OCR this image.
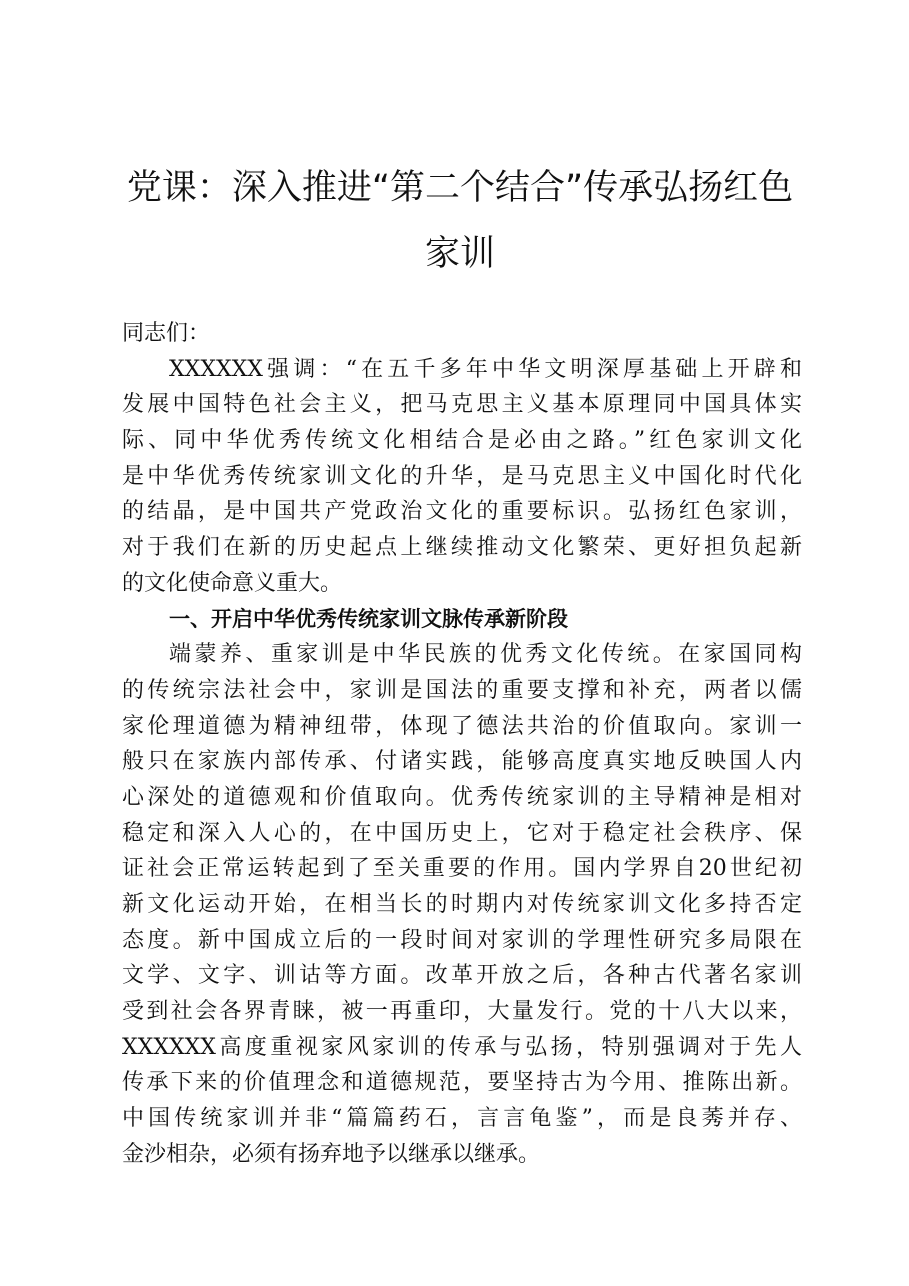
党课：深入推进“第二个结合”传承弘扬红色
家训
同志们：
XXXXXX强调：“在五千多年中华文明深厚基础上开辟和
发展中国特色社会主义，把马克思主义基本原理同中国具体实
际、同中华优秀传统文化相结合是必由之路。”红色家训文化
是中华优秀传统家训文化的升华，是马克思主义中国化时代化
的结晶，是中国共产党政治文化的重要标识。弘扬红色家训，
对于我们在新的历史起点上继续推动文化繁荣、更好担负起新
的文化使命意义重大。
一、开启中华优秀传统家训文脉传承新阶段
端蒙养、重家训是中华民族的优秀文化传统。在家国同构
的传统宗法社会中，家训是国法的重要支撑和补充，两者以儒
家伦理道德为精神纽带，体现了德法共治的价值取向。家训一
般只在家族内部传承、付诸实践，能够高度真实地反映国人内
心深处的道德观和价值取向。优秀传统家训的主导精神是相对
稳定和深入人心的，在中国历史上，它对于稳定社会秩序、保
证社会正常运转起到了至关重要的作用。国内学界自20世纪初
新文化运动开始，在相当长的时期内对传统家训文化多持否定
态度。新中国成立后的一段时间对家训的学理性研究多局限在
文学、文字、训诂等方面。改革开放之后，各种古代著名家训
受到社会各界青睐，被一再重印，大量发行。党的十八大以来，
XXXXXX高度重视家风家训的传承与弘扬，特别强调对于先人
传承下来的价值理念和道德规范，要坚持古为今用、推陈出新。
中国传统家训并非“篇篇药石，言言龟鉴”，而是良莠并存、
金沙相杂，必须有扬弃地予以继承以继承。
